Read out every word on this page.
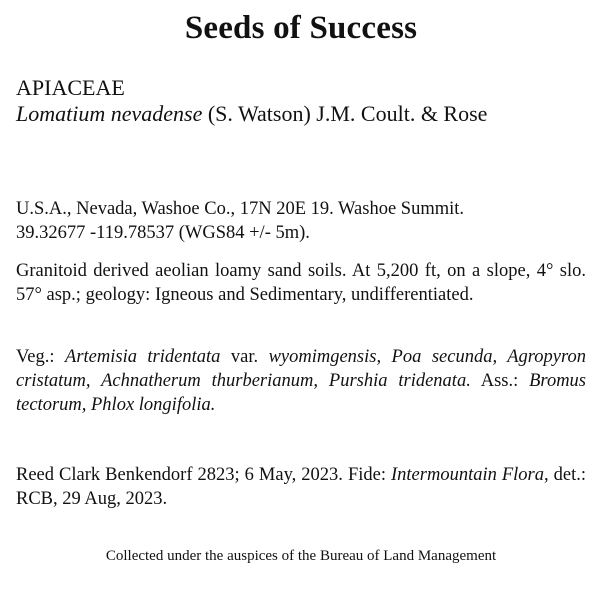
Seeds of Success
APIACEAE
Lomatium nevadense (S. Watson) J.M. Coult. & Rose
U.S.A., Nevada, Washoe Co., 17N 20E 19. Washoe Summit.
39.32677 -119.78537 (WGS84 +/- 5m).
Granitoid derived aeolian loamy sand soils. At 5,200 ft, on a slope, 4° slo. 57° asp.; geology: Igneous and Sedimentary, undifferentiated.
Veg.: Artemisia tridentata var. wyomimgensis, Poa secunda, Agropyron cristatum, Achnatherum thurberianum, Purshia tridenata. Ass.: Bromus tectorum, Phlox longifolia.
Reed Clark Benkendorf 2823; 6 May, 2023. Fide: Intermountain Flora, det.: RCB, 29 Aug, 2023.
Collected under the auspices of the Bureau of Land Management
